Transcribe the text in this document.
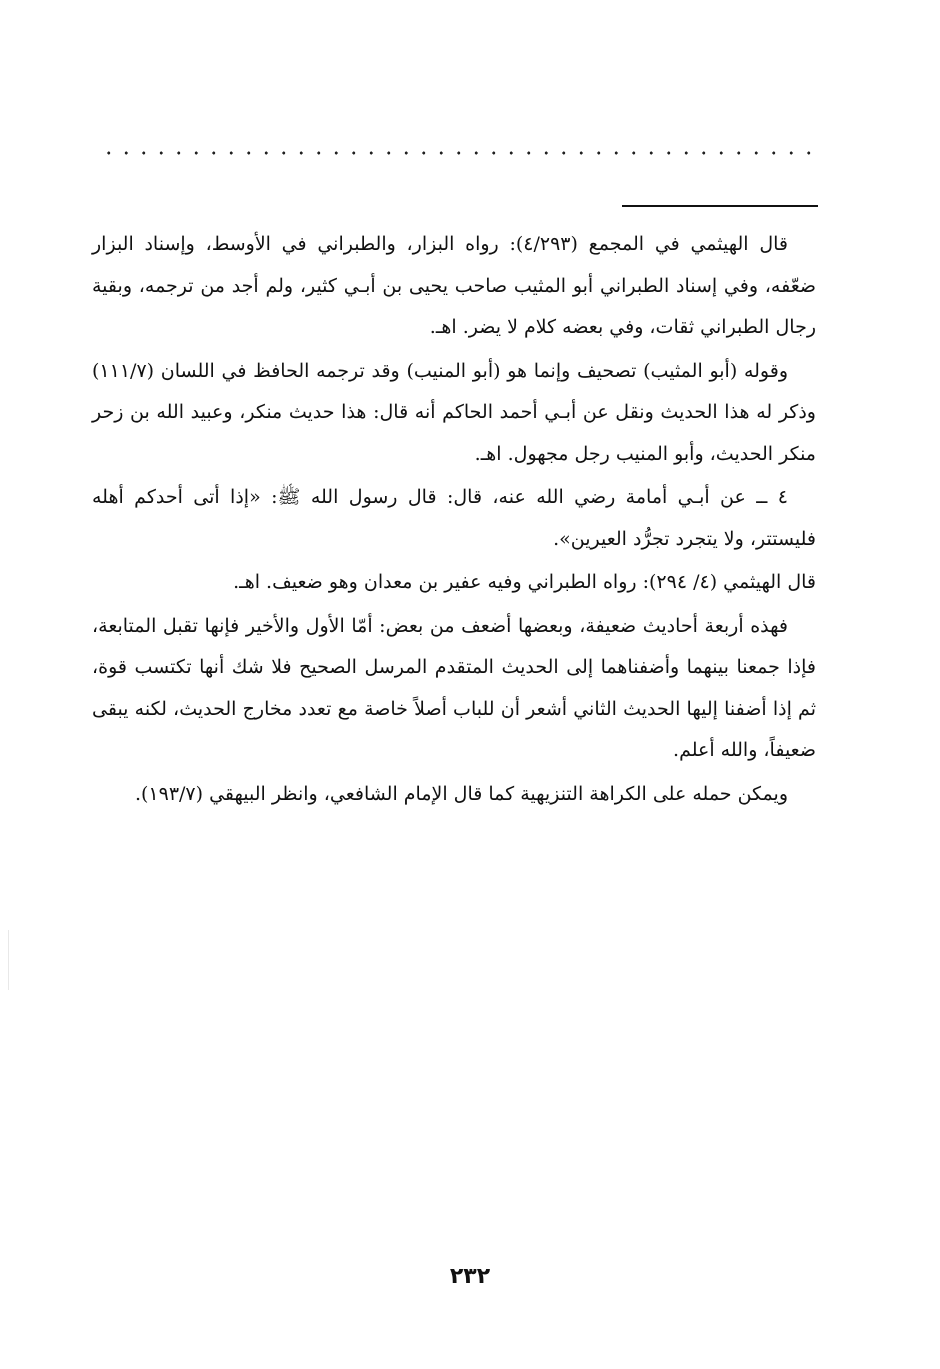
قال الهيثمي في المجمع (٤/٢٩٣): رواه البزار، والطبراني في الأوسط، وإسناد البزار ضعّفه، وفي إسناد الطبراني أبو المثيب صاحب يحيى بن أبـي كثير، ولم أجد من ترجمه، وبقية رجال الطبراني ثقات، وفي بعضه كلام لا يضر. اهـ.

وقوله (أبو المثيب) تصحيف وإنما هو (أبو المنيب) وقد ترجمه الحافظ في اللسان (١١١/٧) وذكر له هذا الحديث ونقل عن أبـي أحمد الحاكم أنه قال: هذا حديث منكر، وعبيد الله بن زحر منكر الحديث، وأبو المنيب رجل مجهول. اهـ.

٤ ــ عن أبـي أمامة رضي الله عنه، قال: قال رسول الله ﷺ: «إذا أتى أحدكم أهله فليستتر، ولا يتجرد تجرُّد العيرين».

قال الهيثمي (٤/ ٢٩٤): رواه الطبراني وفيه عفير بن معدان وهو ضعيف. اهـ.

فهذه أربعة أحاديث ضعيفة، وبعضها أضعف من بعض: أمّا الأول والأخير فإنها تقبل المتابعة، فإذا جمعنا بينهما وأضفناهما إلى الحديث المتقدم المرسل الصحيح فلا شك أنها تكتسب قوة، ثم إذا أضفنا إليها الحديث الثاني أشعر أن للباب أصلاً خاصة مع تعدد مخارج الحديث، لكنه يبقى ضعيفاً، والله أعلم.

ويمكن حمله على الكراهة التنزيهية كما قال الإمام الشافعي، وانظر البيهقي (١٩٣/٧).

٢٣٢
